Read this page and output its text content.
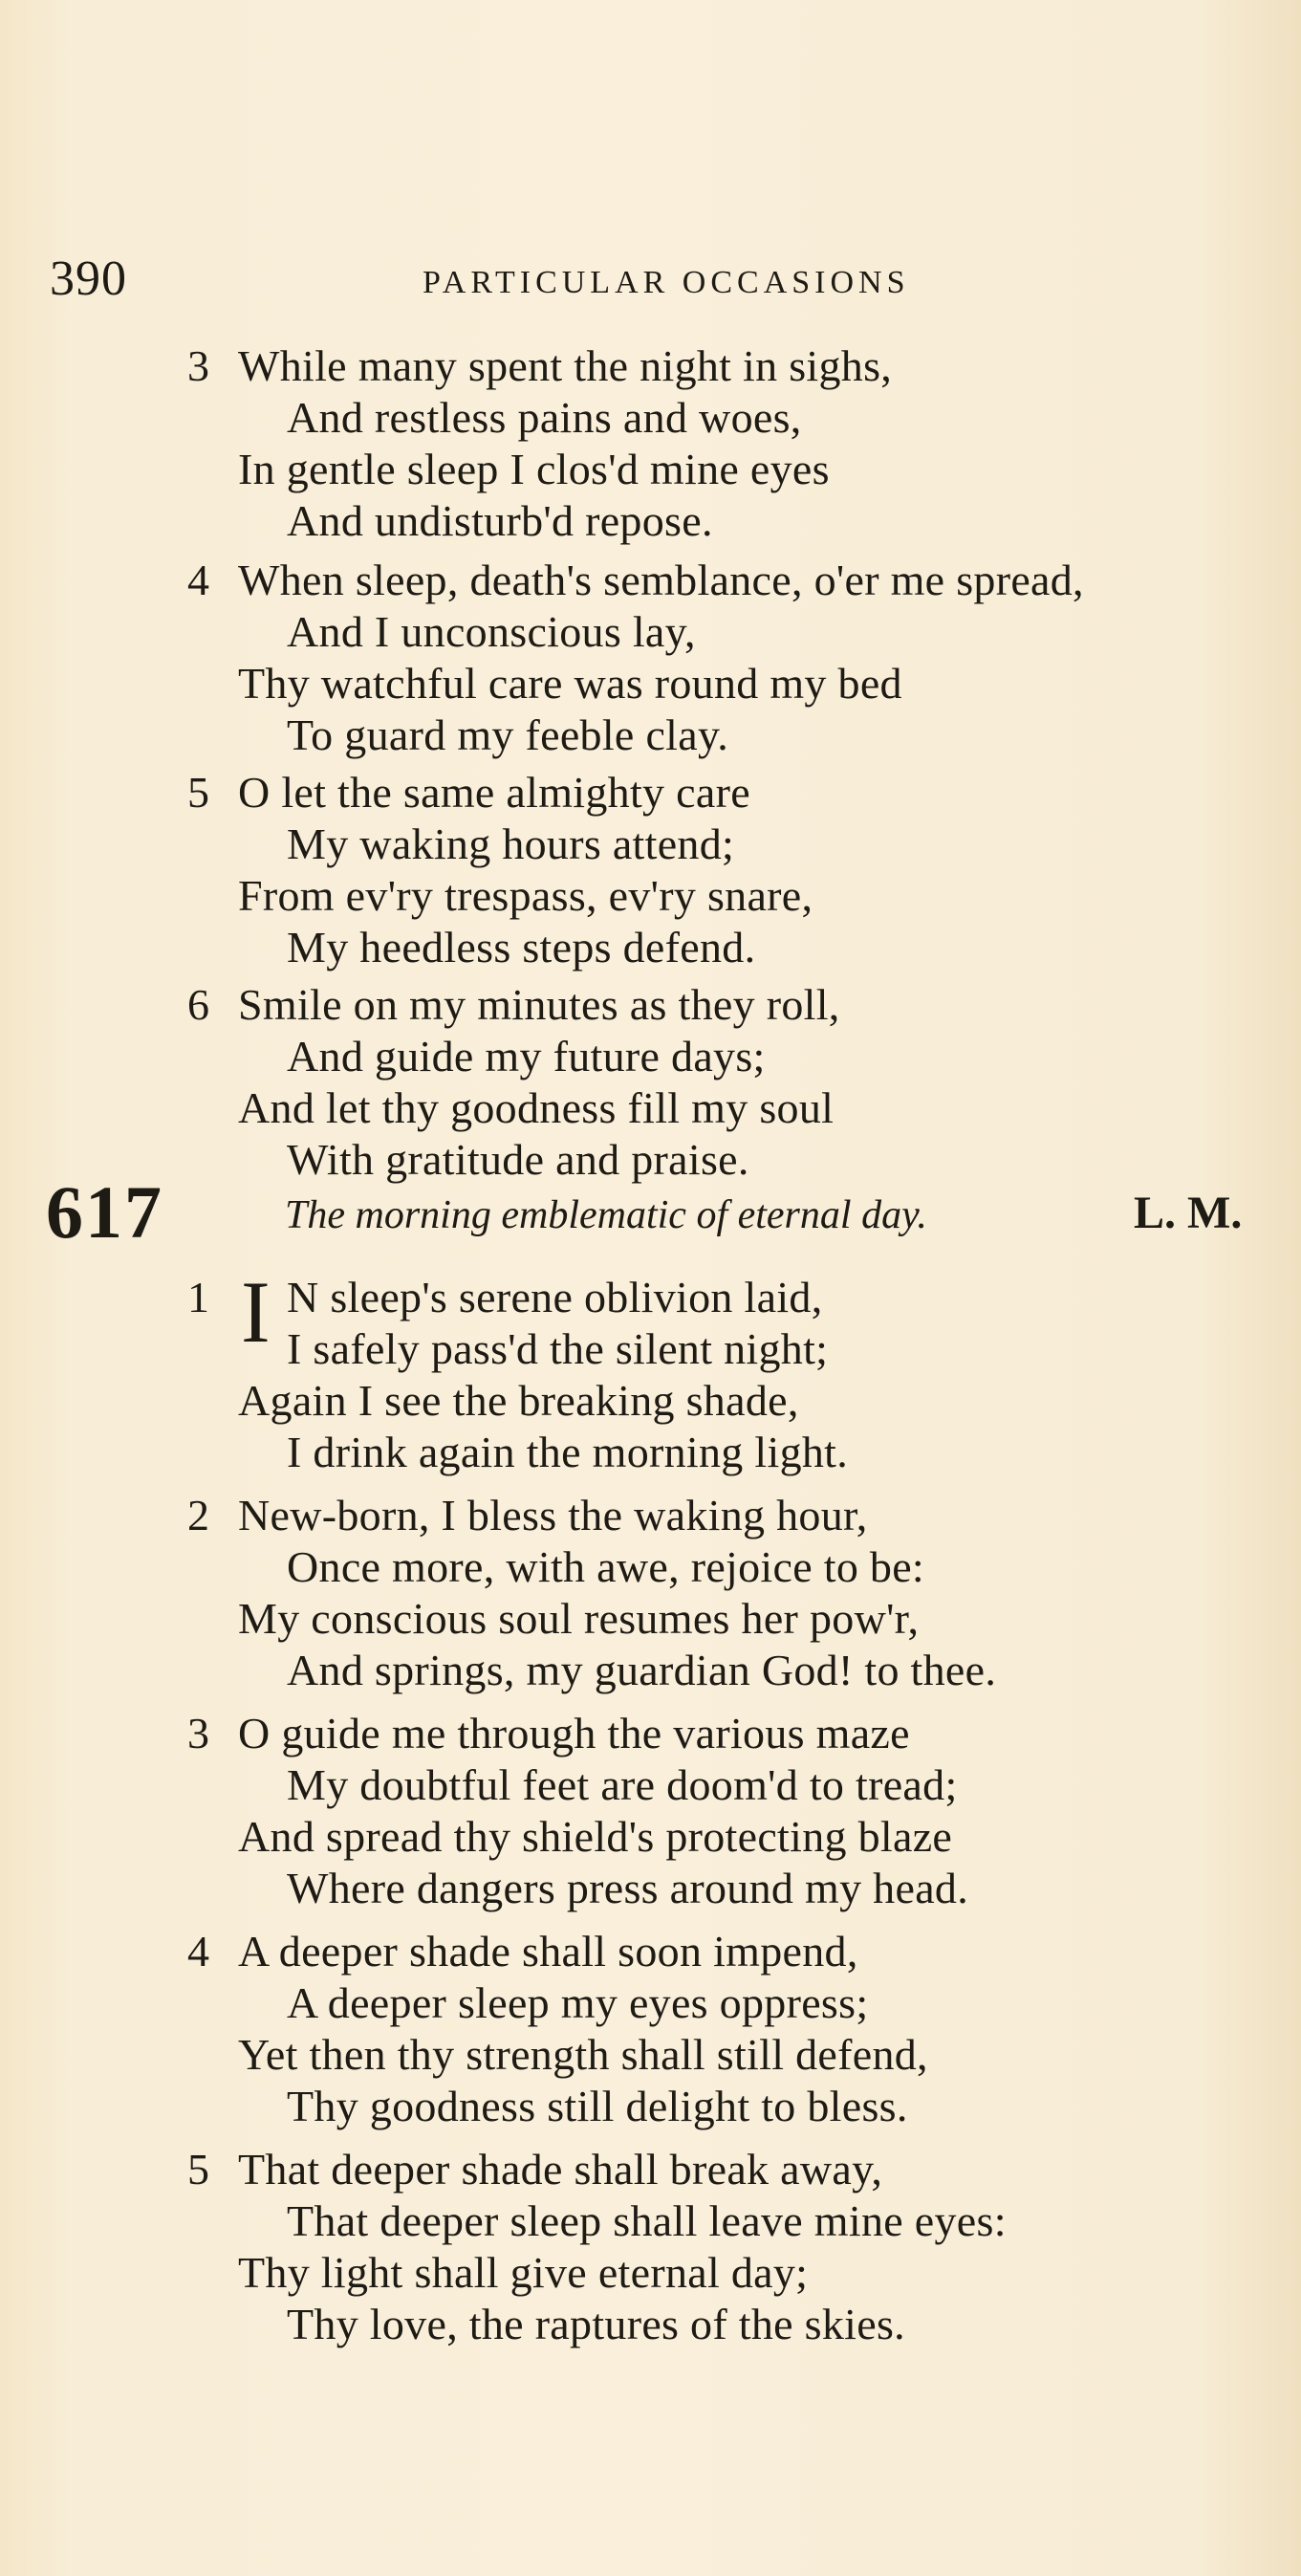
390	PARTICULAR OCCASIONS
3 While many spent the night in sighs,
And restless pains and woes,
In gentle sleep I clos'd mine eyes
And undisturb'd repose.
4 When sleep, death's semblance, o'er me spread,
And I unconscious lay,
Thy watchful care was round my bed
To guard my feeble clay.
5 O let the same almighty care
My waking hours attend;
From ev'ry trespass, ev'ry snare,
My heedless steps defend.
6 Smile on my minutes as they roll,
And guide my future days;
And let thy goodness fill my soul
With gratitude and praise.
617	The morning emblematic of eternal day.	L. M.
1 I N sleep's serene oblivion laid,
I safely pass'd the silent night;
Again I see the breaking shade,
I drink again the morning light.
2 New-born, I bless the waking hour,
Once more, with awe, rejoice to be:
My conscious soul resumes her pow'r,
And springs, my guardian God! to thee.
3 O guide me through the various maze
My doubtful feet are doom'd to tread;
And spread thy shield's protecting blaze
Where dangers press around my head.
4 A deeper shade shall soon impend,
A deeper sleep my eyes oppress;
Yet then thy strength shall still defend,
Thy goodness still delight to bless.
5 That deeper shade shall break away,
That deeper sleep shall leave mine eyes:
Thy light shall give eternal day;
Thy love, the raptures of the skies.
